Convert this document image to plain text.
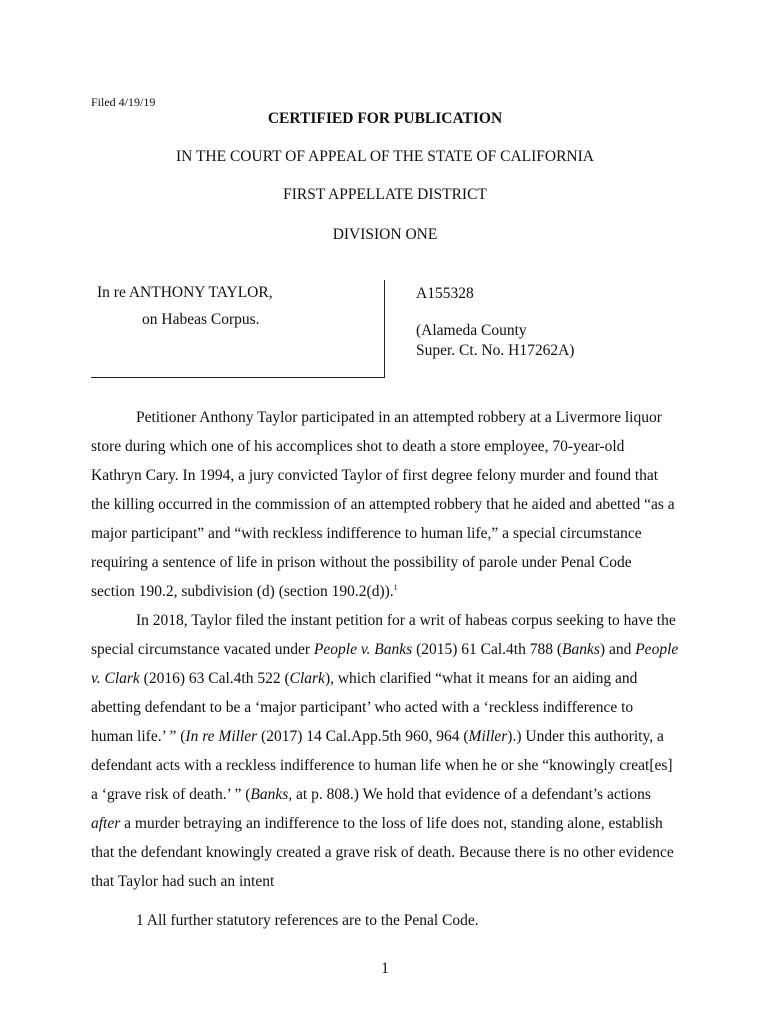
Filed 4/19/19
CERTIFIED FOR PUBLICATION
IN THE COURT OF APPEAL OF THE STATE OF CALIFORNIA
FIRST APPELLATE DISTRICT
DIVISION ONE
In re ANTHONY TAYLOR,
on Habeas Corpus.
A155328
(Alameda County
Super. Ct. No. H17262A)

Petitioner Anthony Taylor participated in an attempted robbery at a Livermore liquor store during which one of his accomplices shot to death a store employee, 70-year-old Kathryn Cary. In 1994, a jury convicted Taylor of first degree felony murder and found that the killing occurred in the commission of an attempted robbery that he aided and abetted “as a major participant” and “with reckless indifference to human life,” a special circumstance requiring a sentence of life in prison without the possibility of parole under Penal Code section 190.2, subdivision (d) (section 190.2(d)).$^1$

In 2018, Taylor filed the instant petition for a writ of habeas corpus seeking to have the special circumstance vacated under People v. Banks (2015) 61 Cal.4th 788 (Banks) and People v. Clark (2016) 63 Cal.4th 522 (Clark), which clarified “what it means for an aiding and abetting defendant to be a ‘major participant’ who acted with a ‘reckless indifference to human life.’ ” (In re Miller (2017) 14 Cal.App.5th 960, 964 (Miller).) Under this authority, a defendant acts with a reckless indifference to human life when he or she “knowingly creat[es] a ‘grave risk of death.’ ” (Banks, at p. 808.) We hold that evidence of a defendant’s actions after a murder betraying an indifference to the loss of life does not, standing alone, establish that the defendant knowingly created a grave risk of death. Because there is no other evidence that Taylor had such an intent

1 All further statutory references are to the Penal Code.
1
